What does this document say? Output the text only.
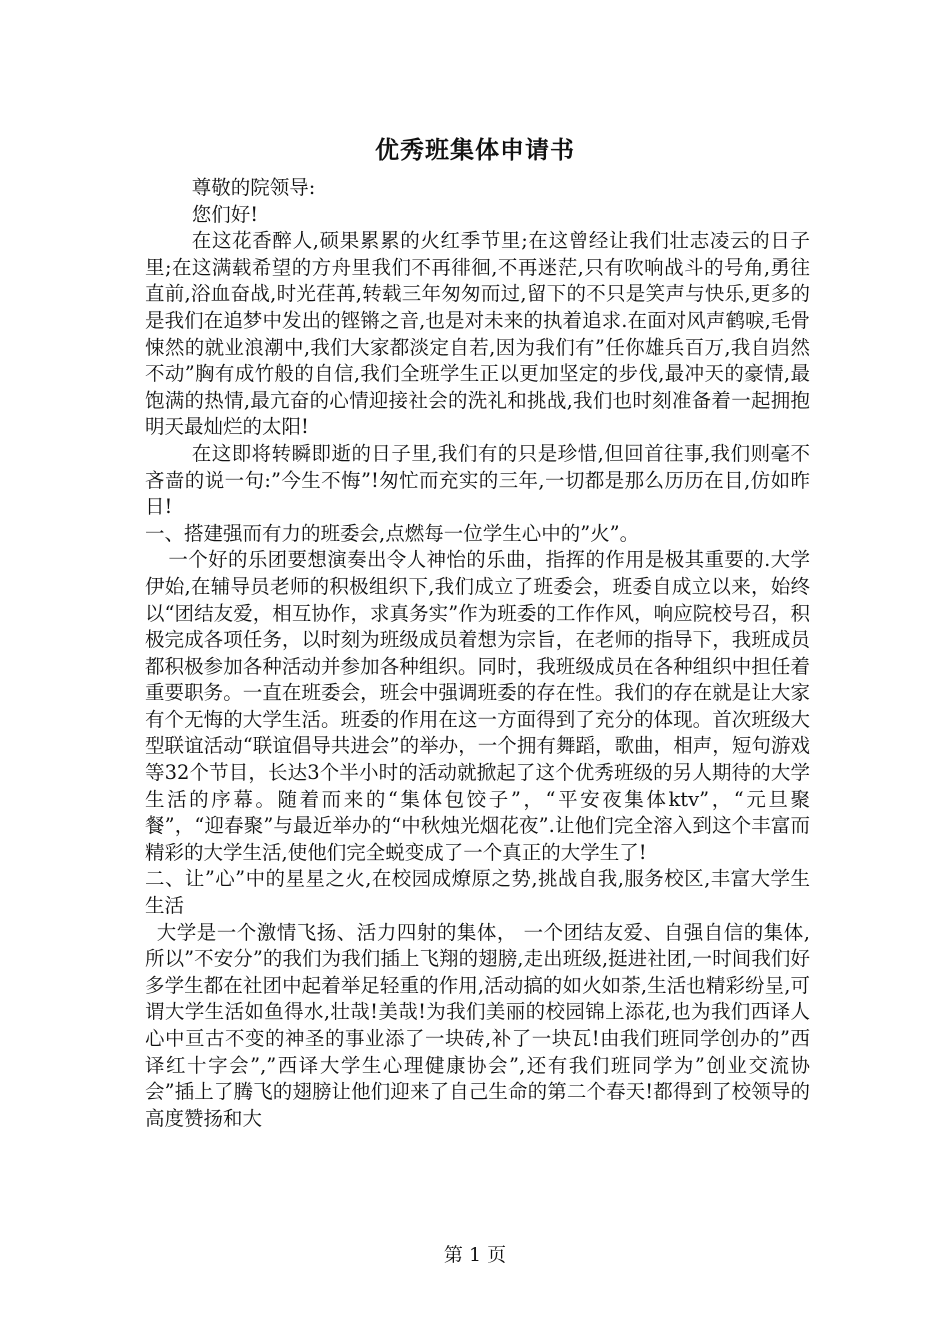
优秀班集体申请书

尊敬的院领导:

您们好!

在这花香醉人,硕果累累的火红季节里;在这曾经让我们壮志凌云的日子里;在这满载希望的方舟里我们不再徘徊,不再迷茫,只有吹响战斗的号角,勇往直前,浴血奋战,时光荏苒,转载三年匆匆而过,留下的不只是笑声与快乐,更多的是我们在追梦中发出的铿锵之音,也是对未来的执着追求.在面对风声鹤唳,毛骨悚然的就业浪潮中,我们大家都淡定自若,因为我们有”任你雄兵百万,我自岿然不动”胸有成竹般的自信,我们全班学生正以更加坚定的步伐,最冲天的豪情,最饱满的热情,最亢奋的心情迎接社会的洗礼和挑战,我们也时刻准备着一起拥抱明天最灿烂的太阳!

在这即将转瞬即逝的日子里,我们有的只是珍惜,但回首往事,我们则毫不吝啬的说一句:”今生不悔”!匆忙而充实的三年,一切都是那么历历在目,仿如昨日!

一、搭建强而有力的班委会,点燃每一位学生心中的”火”。

一个好的乐团要想演奏出令人神怡的乐曲，指挥的作用是极其重要的.大学伊始,在辅导员老师的积极组织下,我们成立了班委会，班委自成立以来，始终以“团结友爱，相互协作，求真务实”作为班委的工作作风，响应院校号召，积极完成各项任务，以时刻为班级成员着想为宗旨，在老师的指导下，我班成员都积极参加各种活动并参加各种组织。同时，我班级成员在各种组织中担任着重要职务。一直在班委会，班会中强调班委的存在性。我们的存在就是让大家有个无悔的大学生活。班委的作用在这一方面得到了充分的体现。首次班级大型联谊活动“联谊倡导共进会”的举办，一个拥有舞蹈，歌曲，相声，短句游戏等32个节目，长达3个半小时的活动就掀起了这个优秀班级的另人期待的大学生活的序幕。随着而来的“集体包饺子”，“平安夜集体ktv”，“元旦聚餐”，“迎春聚”与最近举办的“中秋烛光烟花夜”.让他们完全溶入到这个丰富而精彩的大学生活,使他们完全蜕变成了一个真正的大学生了!

二、让”心”中的星星之火,在校园成燎原之势,挑战自我,服务校区,丰富大学生生活

大学是一个激情飞扬、活力四射的集体， 一个团结友爱、自强自信的集体,所以”不安分”的我们为我们插上飞翔的翅膀,走出班级,挺进社团,一时间我们好多学生都在社团中起着举足轻重的作用,活动搞的如火如荼,生活也精彩纷呈,可谓大学生活如鱼得水,壮哉!美哉!为我们美丽的校园锦上添花,也为我们西译人心中亘古不变的神圣的事业添了一块砖,补了一块瓦!由我们班同学创办的”西译红十字会”,”西译大学生心理健康协会”,还有我们班同学为”创业交流协会”插上了腾飞的翅膀让他们迎来了自己生命的第二个春天!都得到了校领导的高度赞扬和大

第 1 页
